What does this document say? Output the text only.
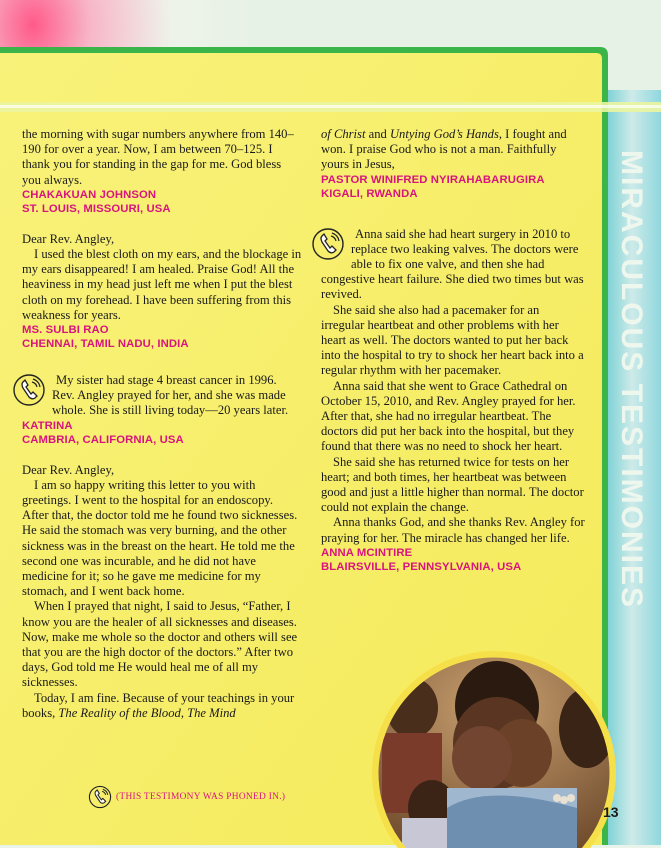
MIRACULOUS TESTIMONIES

the morning with sugar numbers anywhere from 140–190 for over a year. Now, I am between 70–125. I thank you for standing in the gap for me. God bless you always.

CHAKAKUAN JOHNSON

ST. LOUIS, MISSOURI, USA

Dear Rev. Angley,

I used the blest cloth on my ears, and the blockage in my ears disappeared! I am healed. Praise God! All the heaviness in my head just left me when I put the blest cloth on my forehead. I have been suffering from this weakness for years.

MS. SULBI RAO

CHENNAI, TAMIL NADU, INDIA

My sister had stage 4 breast cancer in 1996. Rev. Angley prayed for her, and she was made whole. She is still living today—20 years later.

KATRINA

CAMBRIA, CALIFORNIA, USA

Dear Rev. Angley,

I am so happy writing this letter to you with greetings. I went to the hospital for an endoscopy. After that, the doctor told me he found two sicknesses. He said the stomach was very burning, and the other sickness was in the breast on the heart. He told me the second one was incurable, and he did not have medicine for it; so he gave me medicine for my stomach, and I went back home.

When I prayed that night, I said to Jesus, “Father, I know you are the healer of all sicknesses and diseases. Now, make me whole so the doctor and others will see that you are the high doctor of the doctors.” After two days, God told me He would heal me of all my sicknesses.

Today, I am fine. Because of your teachings in your books, The Reality of the Blood, The Mind

of Christ and Untying God’s Hands, I fought and won. I praise God who is not a man. Faithfully yours in Jesus,

PASTOR WINIFRED NYIRAHABARUGIRA

KIGALI, RWANDA

Anna said she had heart surgery in 2010 to replace two leaking valves. The doctors were able to fix one valve, and then she had congestive heart failure. She died two times but was revived.

She said she also had a pacemaker for an irregular heartbeat and other problems with her heart as well. The doctors wanted to put her back into the hospital to try to shock her heart back into a regular rhythm with her pacemaker.

Anna said that she went to Grace Cathedral on October 15, 2010, and Rev. Angley prayed for her. After that, she had no irregular heartbeat. The doctors did put her back into the hospital, but they found that there was no need to shock her heart.

She said she has returned twice for tests on her heart; and both times, her heartbeat was between good and just a little higher than normal. The doctor could not explain the change.

Anna thanks God, and she thanks Rev. Angley for praying for her. The miracle has changed her life.

ANNA MCINTIRE

BLAIRSVILLE, PENNSYLVANIA, USA

(THIS TESTIMONY WAS PHONED IN.)
13
